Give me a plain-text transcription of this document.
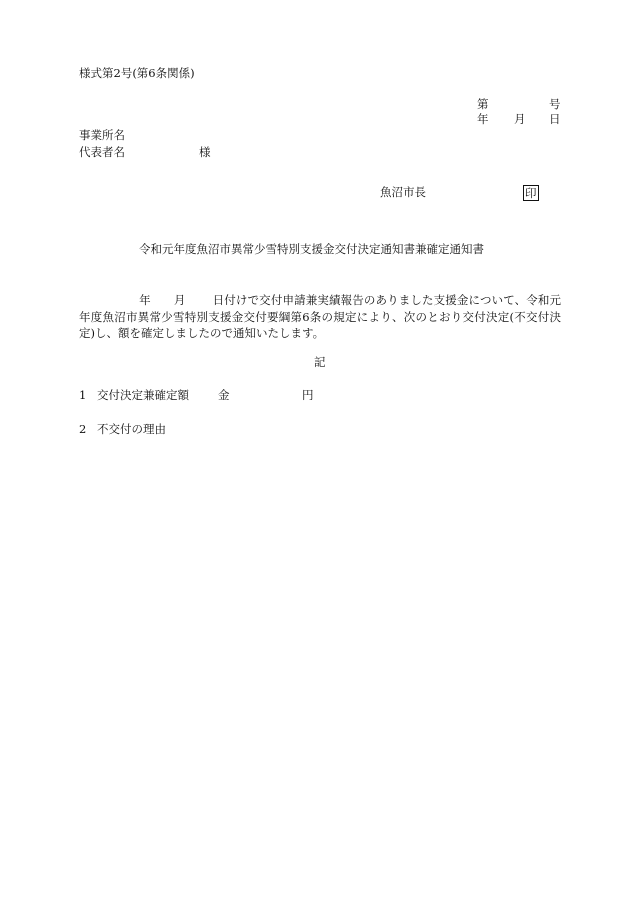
様式第2号(第6条関係)
第	号
年 月 日
事業所名
代表者名	様
魚沼市長	印
令和元年度魚沼市異常少雪特別支援金交付決定通知書兼確定通知書
年 月 日付けで交付申請兼実績報告のありました支援金について、令和元年度魚沼市異常少雪特別支援金交付要綱第6条の規定により、次のとおり交付決定(不交付決定)し、額を確定しましたので通知いたします。
記
1 交付決定兼確定額	金	円
2 不交付の理由
